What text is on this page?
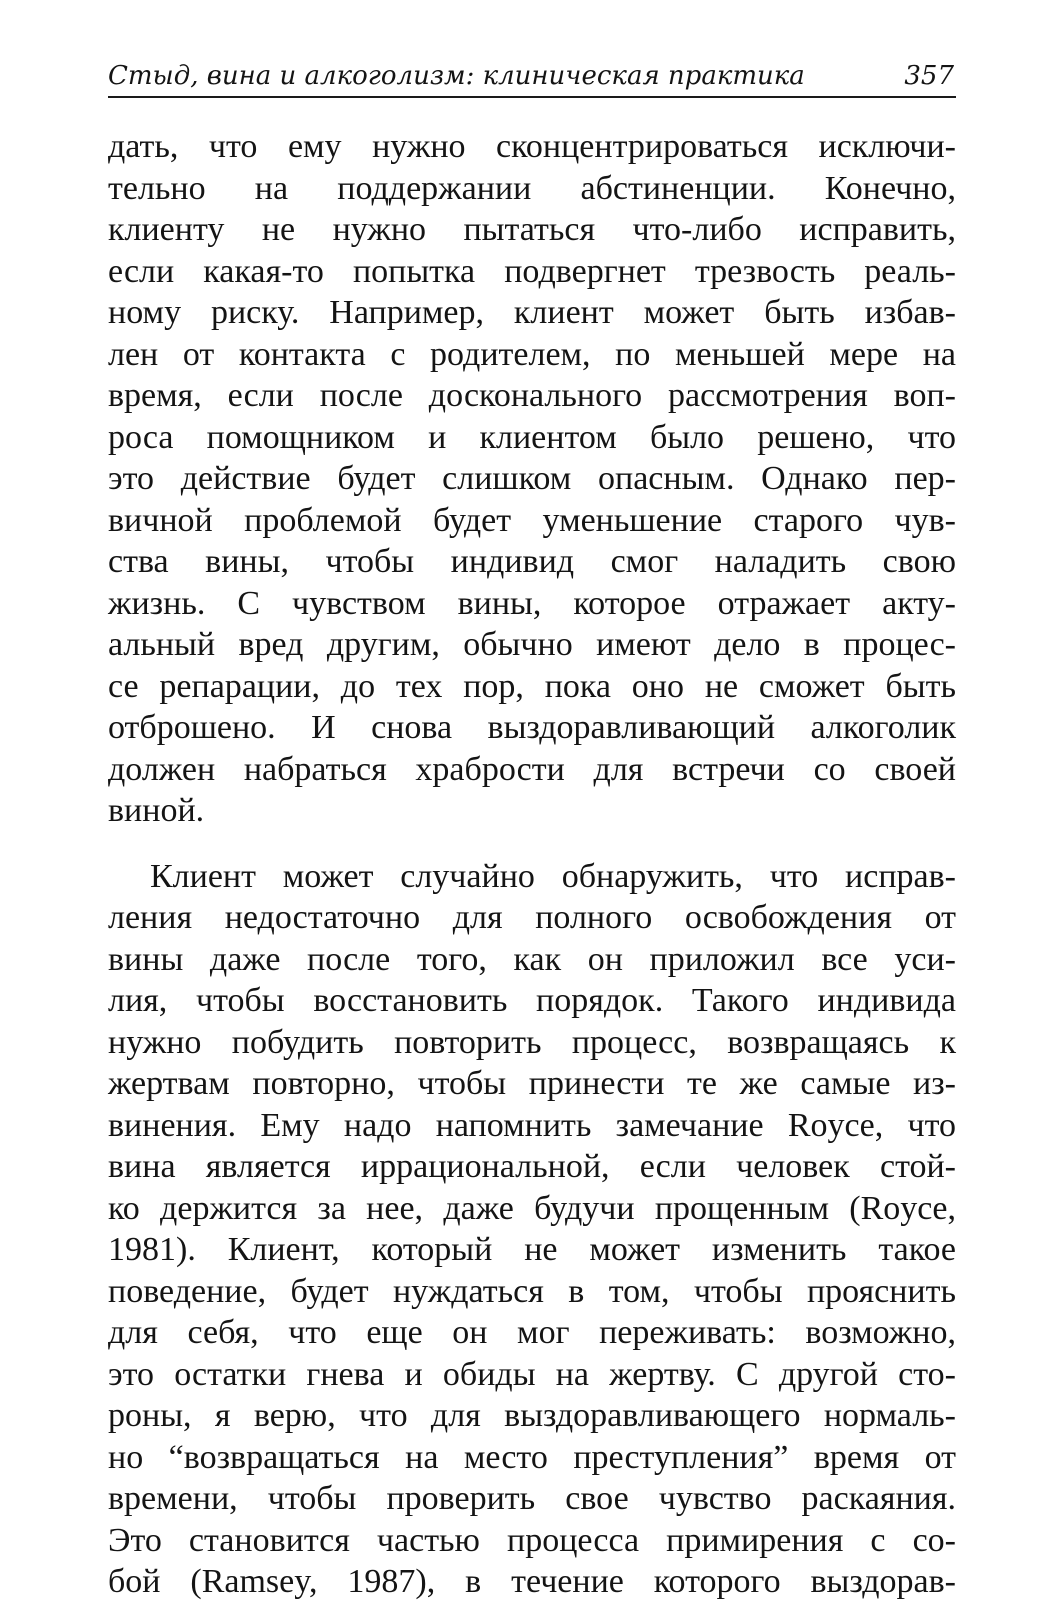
Стыд, вина и алкоголизм: клиническая практика	357
дать, что ему нужно сконцентрироваться исключи-
тельно на поддержании абстиненции. Конечно,
клиенту не нужно пытаться что-либо исправить,
если какая-то попытка подвергнет трезвость реаль-
ному риску. Например, клиент может быть избав-
лен от контакта с родителем, по меньшей мере на
время, если после досконального рассмотрения воп-
роса помощником и клиентом было решено, что
это действие будет слишком опасным. Однако пер-
вичной проблемой будет уменьшение старого чув-
ства вины, чтобы индивид смог наладить свою
жизнь. С чувством вины, которое отражает акту-
альный вред другим, обычно имеют дело в процес-
се репарации, до тех пор, пока оно не сможет быть
отброшено. И снова выздоравливающий алкоголик
должен набраться храбрости для встречи со своей
виной.
Клиент может случайно обнаружить, что исправ-
ления недостаточно для полного освобождения от
вины даже после того, как он приложил все уси-
лия, чтобы восстановить порядок. Такого индивида
нужно побудить повторить процесс, возвращаясь к
жертвам повторно, чтобы принести те же самые из-
винения. Ему надо напомнить замечание Royce, что
вина является иррациональной, если человек стой-
ко держится за нее, даже будучи прощенным (Royce,
1981). Клиент, который не может изменить такое
поведение, будет нуждаться в том, чтобы прояснить
для себя, что еще он мог переживать: возможно,
это остатки гнева и обиды на жертву. С другой сто-
роны, я верю, что для выздоравливающего нормаль-
но “возвращаться на место преступления” время от
времени, чтобы проверить свое чувство раскаяния.
Это становится частью процесса примирения с со-
бой (Ramsey, 1987), в течение которого выздорав-
